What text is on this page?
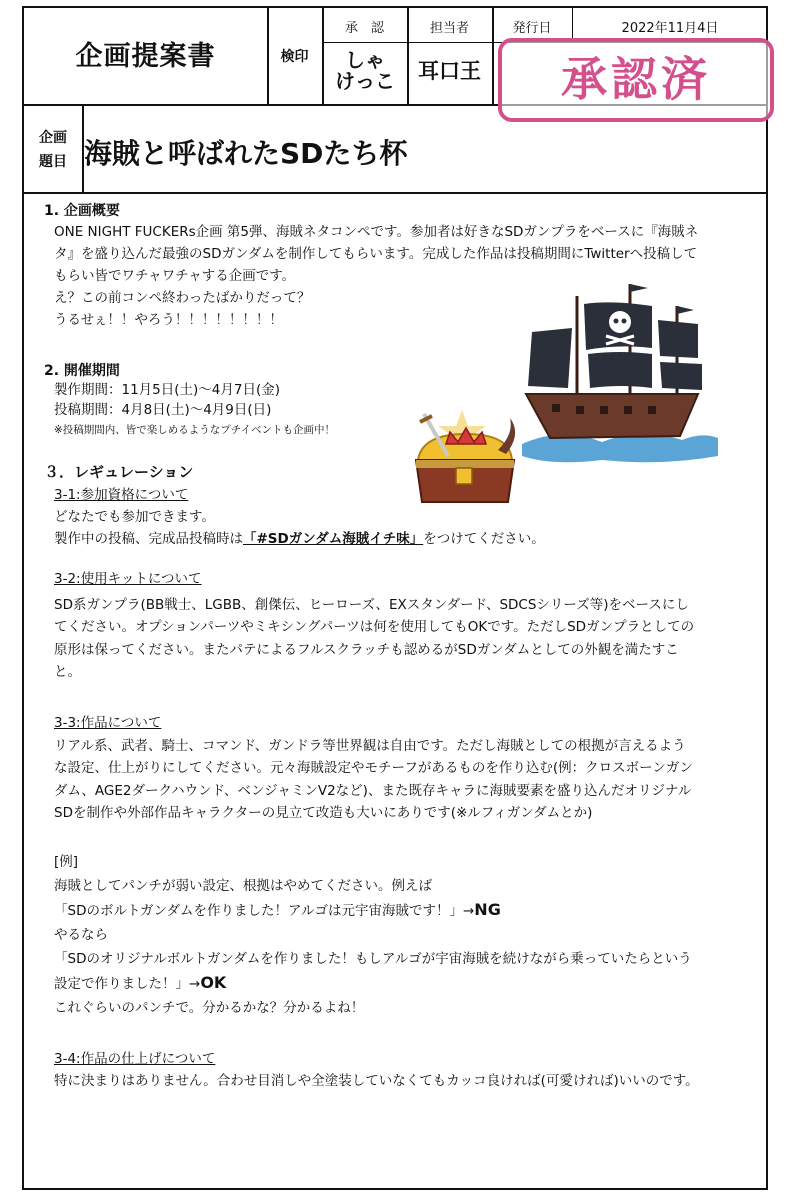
企画提案書	検印
承　認	担当者	発行日	2022年11月4日
しゃ
けっこ	耳口王
企画
題目 海賊と呼ばれたSDたち杯
1. 企画概要

ONE NIGHT FUCKERs企画 第5弾、海賊ネタコンペです。参加者は好きなSDガンプラをベースに『海賊ネ

タ』を盛り込んだ最強のSDガンダムを制作してもらいます。完成した作品は投稿期間にTwitterへ投稿して

もらい皆でワチャワチャする企画です。

え？この前コンペ終わったばかりだって？

うるせぇ！！やろう！！！！！！！！

2. 開催期間

製作期間：11月5日(土)～4月7日(金)

投稿期間：4月8日(土)～4月9日(日)

※投稿期間内、皆で楽しめるようなプチイベントも企画中！

３．レギュレーション

3-1:参加資格について

どなたでも参加できます。

製作中の投稿、完成品投稿時は「#SDガンダム海賊イチ味」をつけてください。

3-2:使用キットについて

SD系ガンプラ(BB戦士、LGBB、創傑伝、ヒーローズ、EXスタンダード、SDCSシリーズ等)をベースにし

てください。オプションパーツやミキシングパーツは何を使用してもOKです。ただしSDガンプラとしての

原形は保ってください。またパテによるフルスクラッチも認めるがSDガンダムとしての外観を満たすこ

と。

3-3:作品について

リアル系、武者、騎士、コマンド、ガンドラ等世界観は自由です。ただし海賊としての根拠が言えるよう

な設定、仕上がりにしてください。元々海賊設定やモチーフがあるものを作り込む(例：クロスボーンガン

ダム、AGE2ダークハウンド、ベンジャミンV2など)、また既存キャラに海賊要素を盛り込んだオリジナル

SDを制作や外部作品キャラクターの見立て改造も大いにありです(※ルフィガンダムとか)

[例]

海賊としてパンチが弱い設定、根拠はやめてください。例えば

「SDのボルトガンダムを作りました！アルゴは元宇宙海賊です！」→NG

やるなら

「SDのオリジナルボルトガンダムを作りました！もしアルゴが宇宙海賊を続けながら乗っていたらという

設定で作りました！」→OK

これぐらいのパンチで。分かるかな？分かるよね！

3-4:作品の仕上げについて

特に決まりはありません。合わせ目消しや全塗装していなくてもカッコ良ければ(可愛ければ)いいのです。

承認済
